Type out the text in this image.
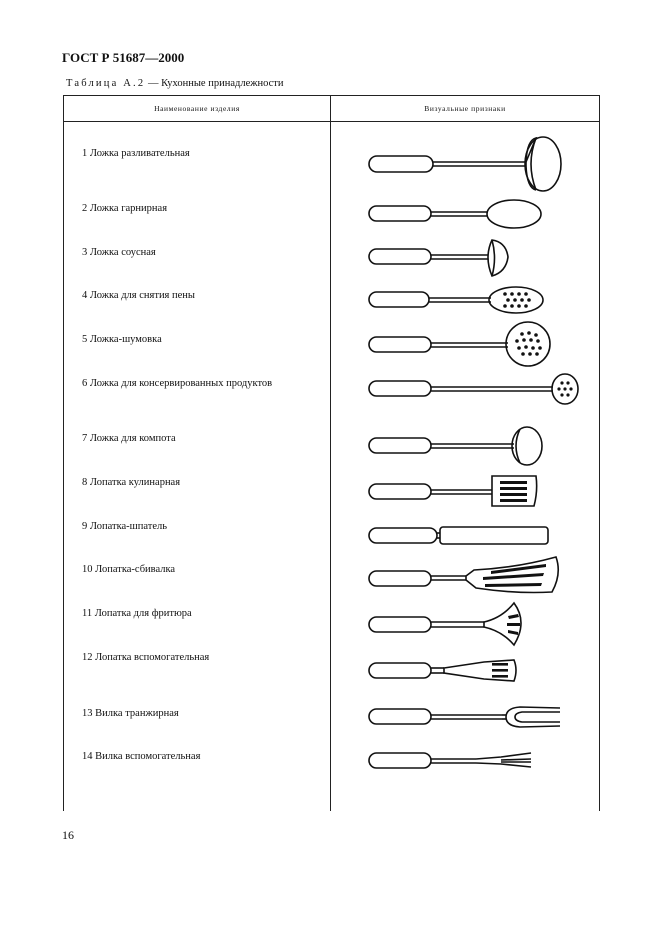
ГОСТ Р 51687—2000
Таблица А.2 — Кухонные принадлежности
Наименование изделия	Визуальные признаки
1 Ложка разливательная
2 Ложка гарнирная
3 Ложка соусная
4 Ложка для снятия пены
5 Ложка-шумовка
6 Ложка для консервированных продуктов
7 Ложка для компота
8 Лопатка кулинарная
9 Лопатка-шпатель
10 Лопатка-сбивалка
11 Лопатка для фритюра
12 Лопатка вспомогательная
13 Вилка транжирная
14 Вилка вспомогательная
16
